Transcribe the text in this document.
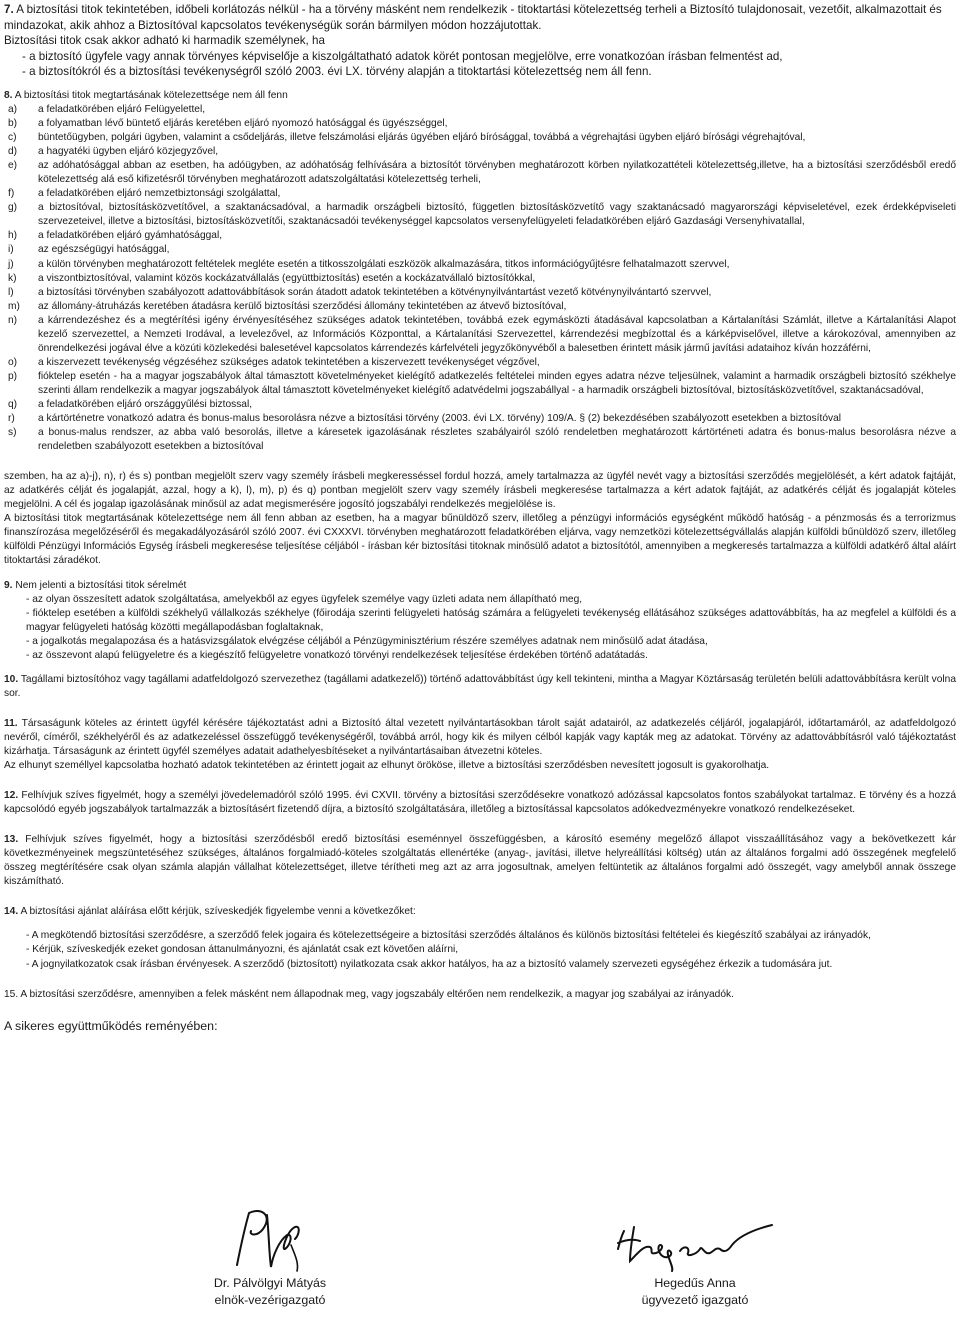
7. A biztosítási titok tekintetében, időbeli korlátozás nélkül - ha a törvény másként nem rendelkezik - titoktartási kötelezettség terheli a Biztosító tulajdonosait, vezetőit, alkalmazottait és mindazokat, akik ahhoz a Biztosítóval kapcsolatos tevékenységük során bármilyen módon hozzájutottak.

Biztosítási titok csak akkor adható ki harmadik személynek, ha

- a biztosító ügyfele vagy annak törvényes képviselője a kiszolgáltatható adatok körét pontosan megjelölve, erre vonatkozóan írásban felmentést ad,

- a biztosítókról és a biztosítási tevékenységről szóló 2003. évi LX. törvény alapján a titoktartási kötelezettség nem áll fenn.

8. A biztosítási titok megtartásának kötelezettsége nem áll fenn

a)	a feladatkörében eljáró Felügyelettel,
b)	a folyamatban lévő büntető eljárás keretében eljáró nyomozó hatósággal és ügyészséggel,
c)	büntetőügyben, polgári ügyben, valamint a csődeljárás, illetve felszámolási eljárás ügyében eljáró bírósággal, továbbá a végrehajtási ügyben eljáró bírósági végrehajtóval,
d)	a hagyatéki ügyben eljáró közjegyzővel,
e)	az adóhatósággal abban az esetben, ha adóügyben, az adóhatóság felhívására a biztosítót törvényben meghatározott körben nyilatkozattételi kötelezettség,illetve, ha a biztosítási szerződésből eredő kötelezettség alá eső kifizetésről törvényben meghatározott adatszolgáltatási kötelezettség terheli,
f)	a feladatkörében eljáró nemzetbiztonsági szolgálattal,
g)	a biztosítóval, biztosításközvetítővel, a szaktanácsadóval, a harmadik országbeli biztosító, független biztosításközvetítő vagy szaktanácsadó magyarországi képviseletével, ezek érdekképviseleti szervezeteivel, illetve a biztosítási, biztosításközvetítői, szaktanácsadói tevékenységgel kapcsolatos versenyfelügyeleti feladatkörében eljáró Gazdasági Versenyhivatallal,
h)	a feladatkörében eljáró gyámhatósággal,
i)	az egészségügyi hatósággal,
j)	a külön törvényben meghatározott feltételek megléte esetén a titkosszolgálati eszközök alkalmazására, titkos információgyűjtésre felhatalmazott szervvel,
k)	a viszontbiztosítóval, valamint közös kockázatvállalás (együttbiztosítás) esetén a kockázatvállaló biztosítókkal,
l)	a biztosítási törvényben szabályozott adattovábbítások során átadott adatok tekintetében a kötvénynyilvántartást vezető kötvénynyilvántartó szervvel,
m)	az állomány-átruházás keretében átadásra kerülő biztosítási szerződési állomány tekintetében az átvevő biztosítóval,
n)	a kárrendezéshez és a megtérítési igény érvényesítéséhez szükséges adatok tekintetében, továbbá ezek egymásközti átadásával kapcsolatban a Kártalanítási Számlát, illetve a Kártalanítási Alapot kezelő szervezettel, a Nemzeti Irodával, a levelezővel, az Információs Központtal, a Kártalanítási Szervezettel, kárrendezési megbízottal és a kárképviselővel, illetve a károkozóval, amennyiben az önrendelkezési jogával élve a közúti közlekedési balesetével kapcsolatos kárrendezés kárfelvételi jegyzőkönyvéből a balesetben érintett másik jármű javítási adataihoz kíván hozzáférni,
o)	a kiszervezett tevékenység végzéséhez szükséges adatok tekintetében a kiszervezett tevékenységet végzővel,
p)	fióktelep esetén - ha a magyar jogszabályok által támasztott követelményeket kielégítő adatkezelés feltételei minden egyes adatra nézve teljesülnek, valamint a harmadik országbeli biztosító székhelye szerinti állam rendelkezik a magyar jogszabályok által támasztott követelményeket kielégítő adatvédelmi jogszabállyal - a harmadik országbeli biztosítóval, biztosításközvetítővel, szaktanácsadóval,
q)	a feladatkörében eljáró országgyűlési biztossal,
r)	a kártörténetre vonatkozó adatra és bonus-malus besorolásra nézve a biztosítási törvény (2003. évi LX. törvény) 109/A. § (2) bekezdésében szabályozott esetekben a biztosítóval
s)	a bonus-malus rendszer, az abba való besorolás, illetve a káresetek igazolásának részletes szabályairól szóló rendeletben meghatározott kártörténeti adatra és bonus-malus besorolásra nézve a rendeletben szabályozott esetekben a biztosítóval

szemben, ha az a)-j), n), r) és s) pontban megjelölt szerv vagy személy írásbeli megkeresséssel fordul hozzá, amely tartalmazza az ügyfél nevét vagy a biztosítási szerződés megjelölését, a kért adatok fajtáját, az adatkérés célját és jogalapját, azzal, hogy a k), l), m), p) és q) pontban megjelölt szerv vagy személy írásbeli megkeresése tartalmazza a kért adatok fajtáját, az adatkérés célját és jogalapját köteles megjelölni. A cél és jogalap igazolásának minősül az adat megismerésére jogosító jogszabályi rendelkezés megjelölése is.

A biztosítási titok megtartásának kötelezettsége nem áll fenn abban az esetben, ha a magyar bűnüldöző szerv, illetőleg a pénzügyi információs egységként működő hatóság - a pénzmosás és a terrorizmus finanszírozása megelőzéséről és megakadályozásáról szóló 2007. évi CXXXVI. törvényben meghatározott feladatkörében eljárva, vagy nemzetközi kötelezettségvállalás alapján külföldi bűnüldöző szerv, illetőleg külföldi Pénzügyi Információs Egység írásbeli megkeresése teljesítése céljából - írásban kér biztosítási titoknak minősülő adatot a biztosítótól, amennyiben a megkeresés tartalmazza a külföldi adatkérő által aláírt titoktartási záradékot.

9. Nem jelenti a biztosítási titok sérelmét

- az olyan összesített adatok szolgáltatása, amelyekből az egyes ügyfelek személye vagy üzleti adata nem állapítható meg,

- fióktelep esetében a külföldi székhelyű vállalkozás székhelye (főirodája szerinti felügyeleti hatóság számára a felügyeleti tevékenység ellátásához szükséges adattovábbítás, ha az megfelel a külföldi és a magyar felügyeleti hatóság közötti megállapodásban foglaltaknak,

- a jogalkotás megalapozása és a hatásvizsgálatok elvégzése céljából a Pénzügyminisztérium részére személyes adatnak nem minősülő adat átadása,

- az összevont alapú felügyeletre és a kiegészítő felügyeletre vonatkozó törvényi rendelkezések teljesítése érdekében történő adatátadás.

10. Tagállami biztosítóhoz vagy tagállami adatfeldolgozó szervezethez (tagállami adatkezelő)) történő adattovábbítást úgy kell tekinteni, mintha a Magyar Köztársaság területén belüli adattovábbításra került volna sor.

11. Társaságunk köteles az érintett ügyfél kérésére tájékoztatást adni a Biztosító által vezetett nyilvántartásokban tárolt saját adatairól, az adatkezelés céljáról, jogalapjáról, időtartamáról, az adatfeldolgozó nevéről, címéről, székhelyéről és az adatkezeléssel összefüggő tevékenységéről, továbbá arról, hogy kik és milyen célból kapják vagy kapták meg az adatokat. Törvény az adattovábbításról való tájékoztatást kizárhatja. Társaságunk az érintett ügyfél személyes adatait adathelyesbítéseket a nyilvántartásaiban átvezetni köteles.

Az elhunyt személlyel kapcsolatba hozható adatok tekintetében az érintett jogait az elhunyt örököse, illetve a biztosítási szerződésben nevesített jogosult is gyakorolhatja.

12. Felhívjuk szíves figyelmét, hogy a személyi jövedelemadóról szóló 1995. évi CXVII. törvény a biztosítási szerződésekre vonatkozó adózással kapcsolatos fontos szabályokat tartalmaz. E törvény és a hozzá kapcsolódó egyéb jogszabályok tartalmazzák a biztosításért fizetendő díjra, a biztosító szolgáltatására, illetőleg a biztosítással kapcsolatos adókedvezményekre vonatkozó rendelkezéseket.

13. Felhívjuk szíves figyelmét, hogy a biztosítási szerződésből eredő biztosítási eseménnyel összefüggésben, a károsító esemény megelőző állapot visszaállításához vagy a bekövetkezett kár következményeinek megszüntetéséhez szükséges, általános forgalmiadó-köteles szolgáltatás ellenértéke (anyag-, javítási, illetve helyreállítási költség) után az általános forgalmi adó összegének megfelelő összeg megtérítésére csak olyan számla alapján vállalhat kötelezettséget, illetve térítheti meg azt az arra jogosultnak, amelyen feltüntetik az általános forgalmi adó összegét, vagy amelyből annak összege kiszámítható.

14. A biztosítási ajánlat aláírása előtt kérjük, szíveskedjék figyelembe venni a következőket:

- A megkötendő biztosítási szerződésre, a szerződő felek jogaira és kötelezettségeire a biztosítási szerződés általános és különös biztosítási feltételei és kiegészítő szabályai az irányadók,

- Kérjük, szíveskedjék ezeket gondosan áttanulmányozni, és ajánlatát csak ezt követően aláírni,

- A jognyilatkozatok csak írásban érvényesek. A szerződő (biztosított) nyilatkozata csak akkor hatályos, ha az a biztosító valamely szervezeti egységéhez érkezik a tudomására jut.

15. A biztosítási szerződésre, amennyiben a felek másként nem állapodnak meg, vagy jogszabály eltérően nem rendelkezik, a magyar jog szabályai az irányadók.

A sikeres együttműködés reményében:

Dr. Pálvölgyi Mátyás
elnök-vezérigazgató
Hegedűs Anna
ügyvezető igazgató
